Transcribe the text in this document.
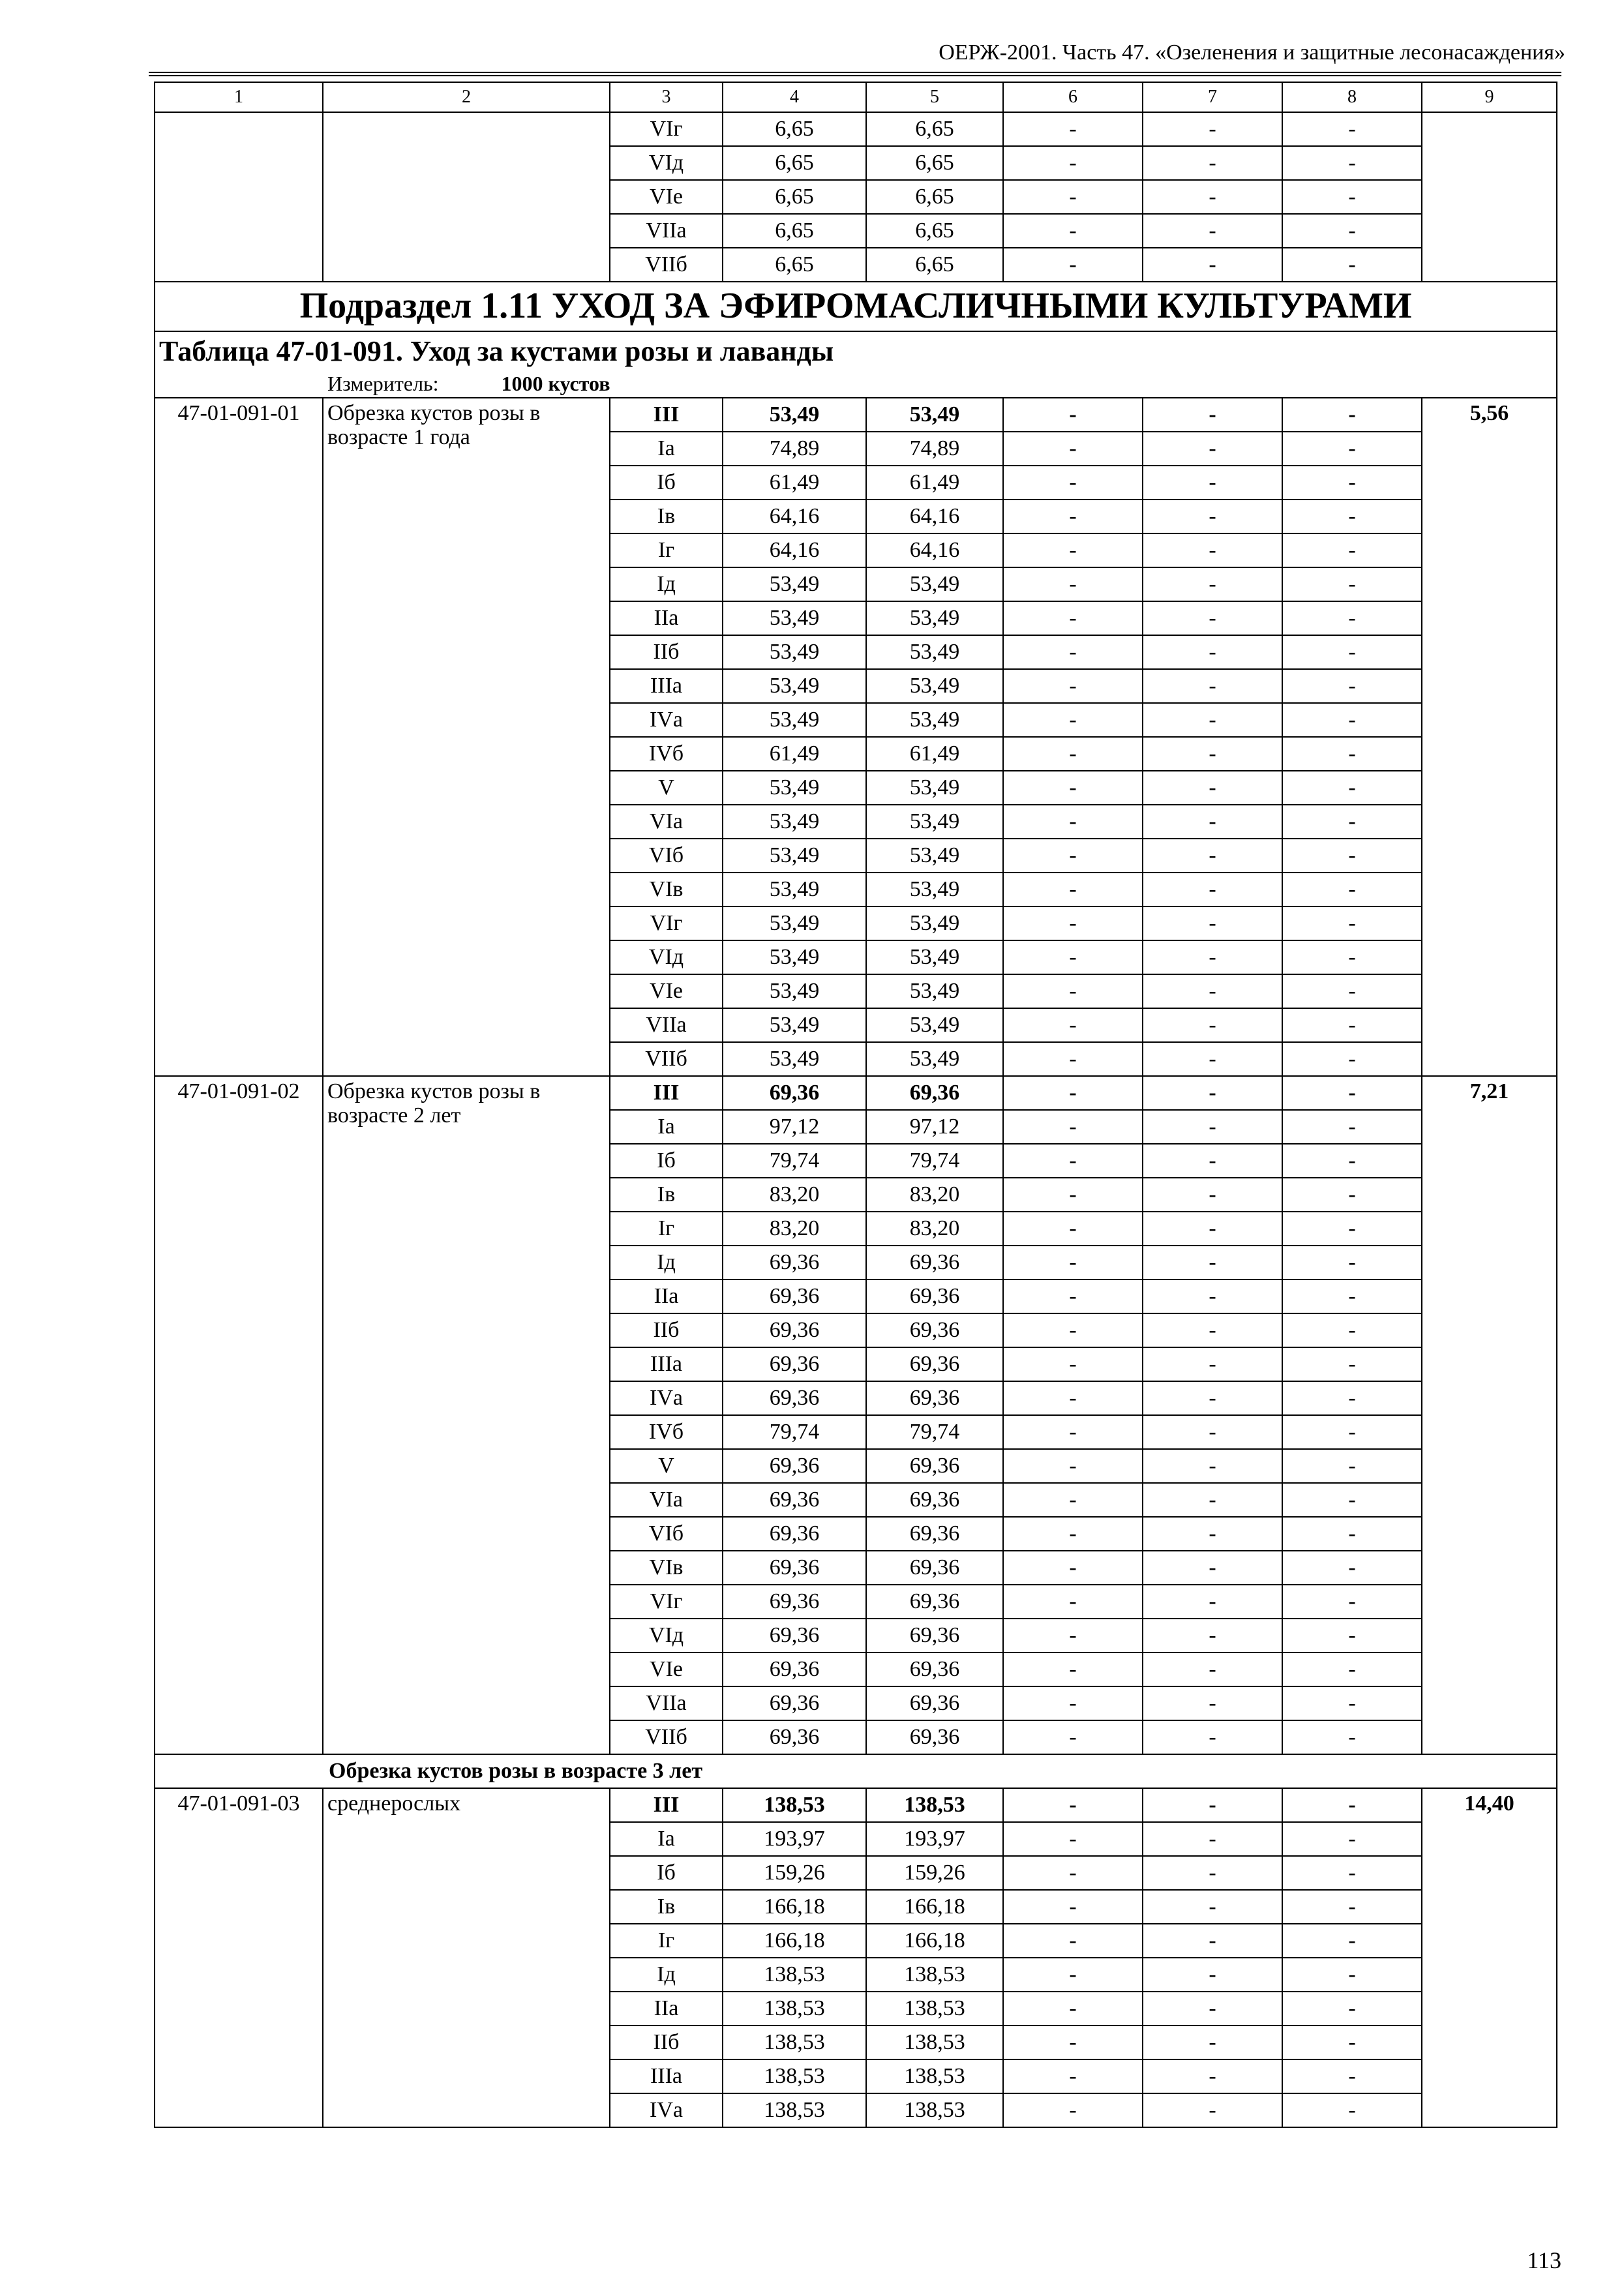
ОЕРЖ-2001. Часть 47. «Озеленения и защитные лесонасаждения»
1	2	3	4	5	6	7	8	9
		VIг	6,65	6,65	-	-	-	
		VIд	6,65	6,65	-	-	-	
		VIе	6,65	6,65	-	-	-	
		VIIа	6,65	6,65	-	-	-	
		VIIб	6,65	6,65	-	-	-	
Подраздел 1.11 УХОД ЗА ЭФИРОМАСЛИЧНЫМИ КУЛЬТУРАМИ								
Таблица 47-01-091. Уход за кустами розы и лаванды								
Измеритель: 1000 кустов								
47-01-091-01	Обрезка кустов розы в возрасте 1 года	III	53,49	53,49	-	-	-	5,56
		Iа	74,89	74,89	-	-	-	
		Iб	61,49	61,49	-	-	-	
		Iв	64,16	64,16	-	-	-	
		Iг	64,16	64,16	-	-	-	
		Iд	53,49	53,49	-	-	-	
		IIа	53,49	53,49	-	-	-	
		IIб	53,49	53,49	-	-	-	
		IIIа	53,49	53,49	-	-	-	
		IVа	53,49	53,49	-	-	-	
		IVб	61,49	61,49	-	-	-	
		V	53,49	53,49	-	-	-	
		VIа	53,49	53,49	-	-	-	
		VIб	53,49	53,49	-	-	-	
		VIв	53,49	53,49	-	-	-	
		VIг	53,49	53,49	-	-	-	
		VIд	53,49	53,49	-	-	-	
		VIе	53,49	53,49	-	-	-	
		VIIа	53,49	53,49	-	-	-	
		VIIб	53,49	53,49	-	-	-	
47-01-091-02	Обрезка кустов розы в возрасте 2 лет	III	69,36	69,36	-	-	-	7,21
		Iа	97,12	97,12	-	-	-	
		Iб	79,74	79,74	-	-	-	
		Iв	83,20	83,20	-	-	-	
		Iг	83,20	83,20	-	-	-	
		Iд	69,36	69,36	-	-	-	
		IIа	69,36	69,36	-	-	-	
		IIб	69,36	69,36	-	-	-	
		IIIа	69,36	69,36	-	-	-	
		IVа	69,36	69,36	-	-	-	
		IVб	79,74	79,74	-	-	-	
		V	69,36	69,36	-	-	-	
		VIа	69,36	69,36	-	-	-	
		VIб	69,36	69,36	-	-	-	
		VIв	69,36	69,36	-	-	-	
		VIг	69,36	69,36	-	-	-	
		VIд	69,36	69,36	-	-	-	
		VIе	69,36	69,36	-	-	-	
		VIIа	69,36	69,36	-	-	-	
		VIIб	69,36	69,36	-	-	-	
Обрезка кустов розы в возрасте 3 лет								
47-01-091-03	среднерослых	III	138,53	138,53	-	-	-	14,40
		Iа	193,97	193,97	-	-	-	
		Iб	159,26	159,26	-	-	-	
		Iв	166,18	166,18	-	-	-	
		Iг	166,18	166,18	-	-	-	
		Iд	138,53	138,53	-	-	-	
		IIа	138,53	138,53	-	-	-	
		IIб	138,53	138,53	-	-	-	
		IIIа	138,53	138,53	-	-	-	
		IVа	138,53	138,53	-	-	-	
113
